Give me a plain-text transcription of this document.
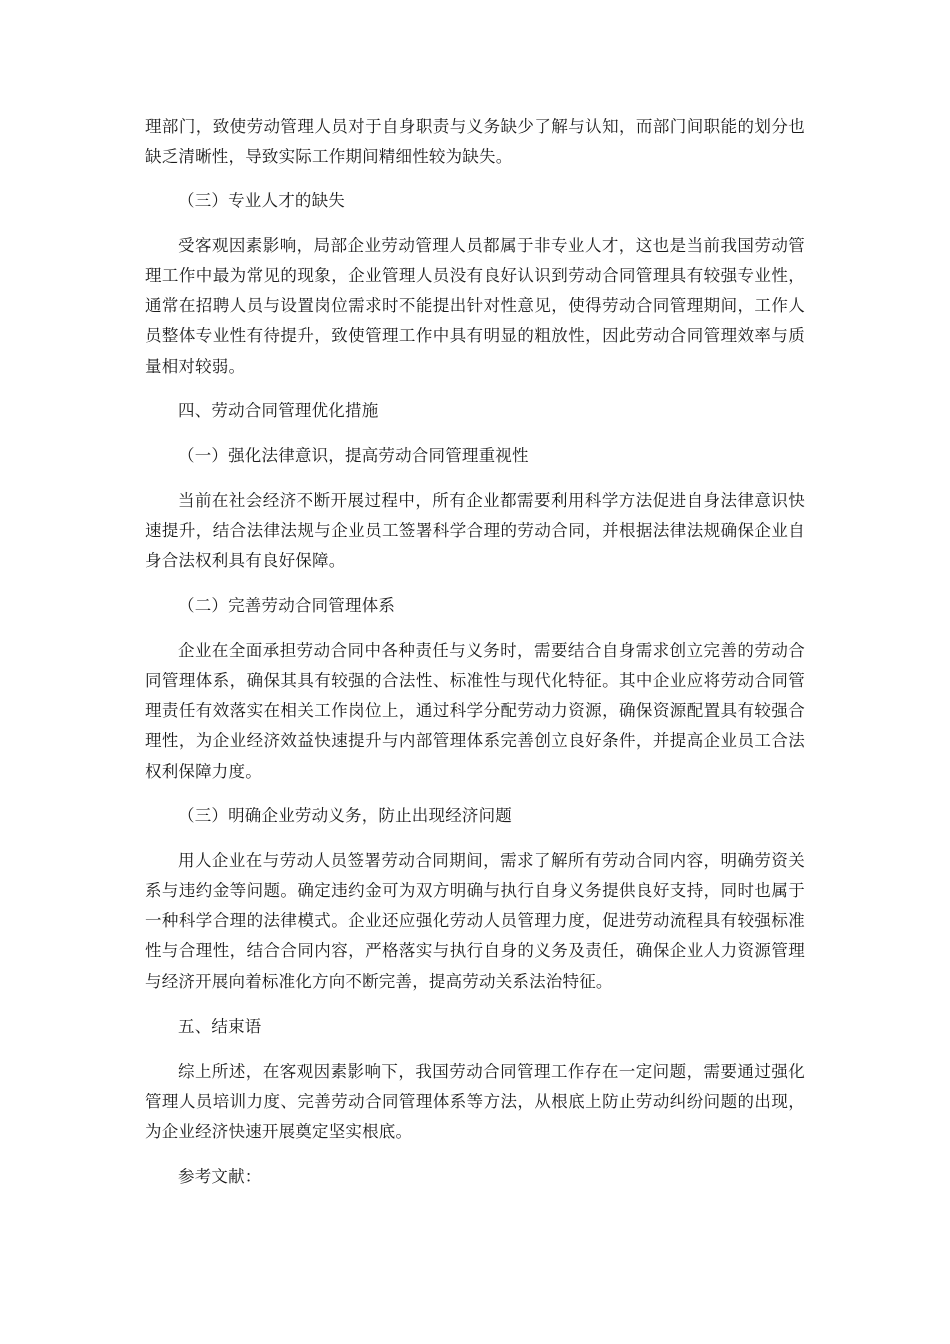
理部门，致使劳动管理人员对于自身职责与义务缺少了解与认知，而部门间职能的划分也

缺乏清晰性，导致实际工作期间精细性较为缺失。

（三）专业人才的缺失

受客观因素影响，局部企业劳动管理人员都属于非专业人才，这也是当前我国劳动管

理工作中最为常见的现象，企业管理人员没有良好认识到劳动合同管理具有较强专业性，

通常在招聘人员与设置岗位需求时不能提出针对性意见，使得劳动合同管理期间，工作人

员整体专业性有待提升，致使管理工作中具有明显的粗放性，因此劳动合同管理效率与质

量相对较弱。

四、劳动合同管理优化措施

（一）强化法律意识，提高劳动合同管理重视性

当前在社会经济不断开展过程中，所有企业都需要利用科学方法促进自身法律意识快

速提升，结合法律法规与企业员工签署科学合理的劳动合同，并根据法律法规确保企业自

身合法权利具有良好保障。

（二）完善劳动合同管理体系

企业在全面承担劳动合同中各种责任与义务时，需要结合自身需求创立完善的劳动合

同管理体系，确保其具有较强的合法性、标准性与现代化特征。其中企业应将劳动合同管

理责任有效落实在相关工作岗位上，通过科学分配劳动力资源，确保资源配置具有较强合

理性，为企业经济效益快速提升与内部管理体系完善创立良好条件，并提高企业员工合法

权利保障力度。

（三）明确企业劳动义务，防止出现经济问题

用人企业在与劳动人员签署劳动合同期间，需求了解所有劳动合同内容，明确劳资关

系与违约金等问题。确定违约金可为双方明确与执行自身义务提供良好支持，同时也属于

一种科学合理的法律模式。企业还应强化劳动人员管理力度，促进劳动流程具有较强标准

性与合理性，结合合同内容，严格落实与执行自身的义务及责任，确保企业人力资源管理

与经济开展向着标准化方向不断完善，提高劳动关系法治特征。

五、结束语

综上所述，在客观因素影响下，我国劳动合同管理工作存在一定问题，需要通过强化

管理人员培训力度、完善劳动合同管理体系等方法，从根底上防止劳动纠纷问题的出现，

为企业经济快速开展奠定坚实根底。

参考文献：
